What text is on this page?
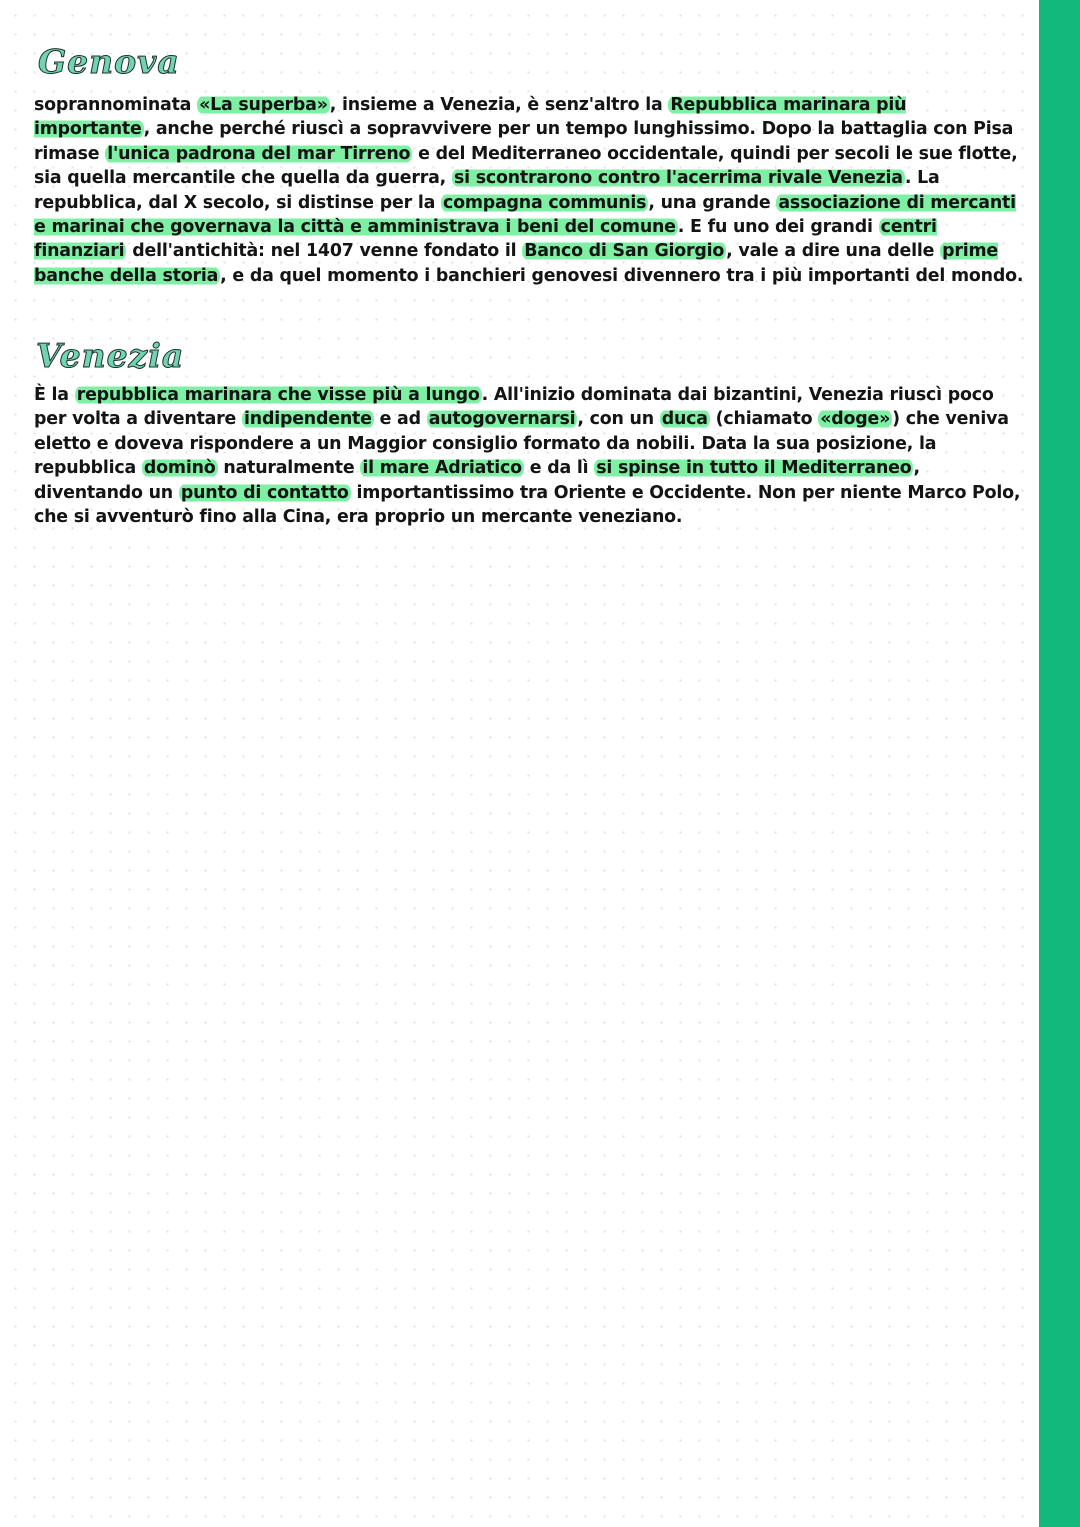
Genova

soprannominata «La superba» , insieme a Venezia, è senz'altro la Repubblica marinara più importante , anche perché riuscì a sopravvivere per un tempo lunghissimo. Dopo la battaglia con Pisa rimase l'unica padrona del mar Tirreno e del Mediterraneo occidentale, quindi per secoli le sue flotte, sia quella mercantile che quella da guerra, si scontrarono contro l'acerrima rivale Venezia . La repubblica, dal X secolo, si distinse per la compagna communis , una grande associazione di mercanti e marinai che governava la città e amministrava i beni del comune . E fu uno dei grandi centri finanziari dell'antichità: nel 1407 venne fondato il Banco di San Giorgio , vale a dire una delle prime banche della storia , e da quel momento i banchieri genovesi divennero tra i più importanti del mondo.

Venezia

È la repubblica marinara che visse più a lungo . All'inizio dominata dai bizantini, Venezia riuscì poco per volta a diventare indipendente e ad autogovernarsi , con un duca (chiamato «doge» ) che veniva eletto e doveva rispondere a un Maggior consiglio formato da nobili. Data la sua posizione, la repubblica dominò naturalmente il mare Adriatico e da lì si spinse in tutto il Mediterraneo , diventando un punto di contatto importantissimo tra Oriente e Occidente. Non per niente Marco Polo, che si avventurò fino alla Cina, era proprio un mercante veneziano.
